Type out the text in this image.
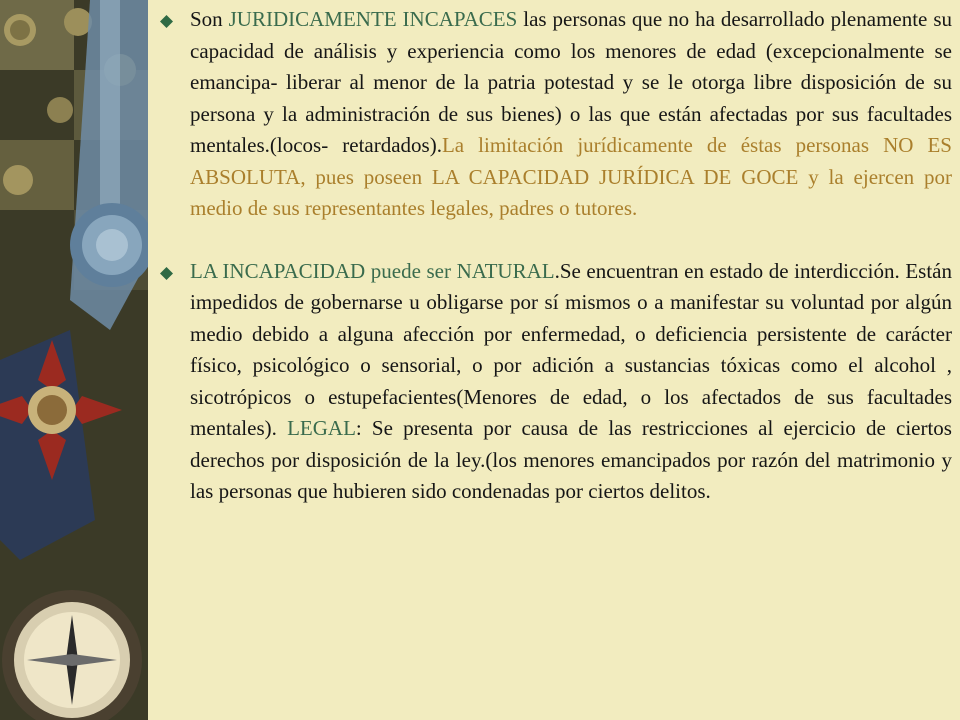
Son JURIDICAMENTE INCAPACES las personas que no ha desarrollado plenamente su capacidad de análisis y experiencia como los menores de edad (excepcionalmente se emancipa- liberar al menor de la patria potestad y se le otorga libre disposición de su persona y la administración de sus bienes) o las que están afectadas por sus facultades mentales.(locos- retardados).La limitación jurídicamente de éstas personas NO ES ABSOLUTA, pues poseen LA CAPACIDAD JURÍDICA DE GOCE y la ejercen por medio de sus representantes legales, padres o tutores.

LA INCAPACIDAD puede ser NATURAL.Se encuentran en estado de interdicción. Están impedidos de gobernarse u obligarse por sí mismos o a manifestar su voluntad por algún medio debido a alguna afección por enfermedad, o deficiencia persistente de carácter físico, psicológico o sensorial, o por adición a sustancias tóxicas como el alcohol , sicotrópicos o estupefacientes(Menores de edad, o los afectados de sus facultades mentales). LEGAL: Se presenta por causa de las restricciones al ejercicio de ciertos derechos por disposición de la ley.(los menores emancipados por razón del matrimonio y las personas que hubieren sido condenadas por ciertos delitos.
